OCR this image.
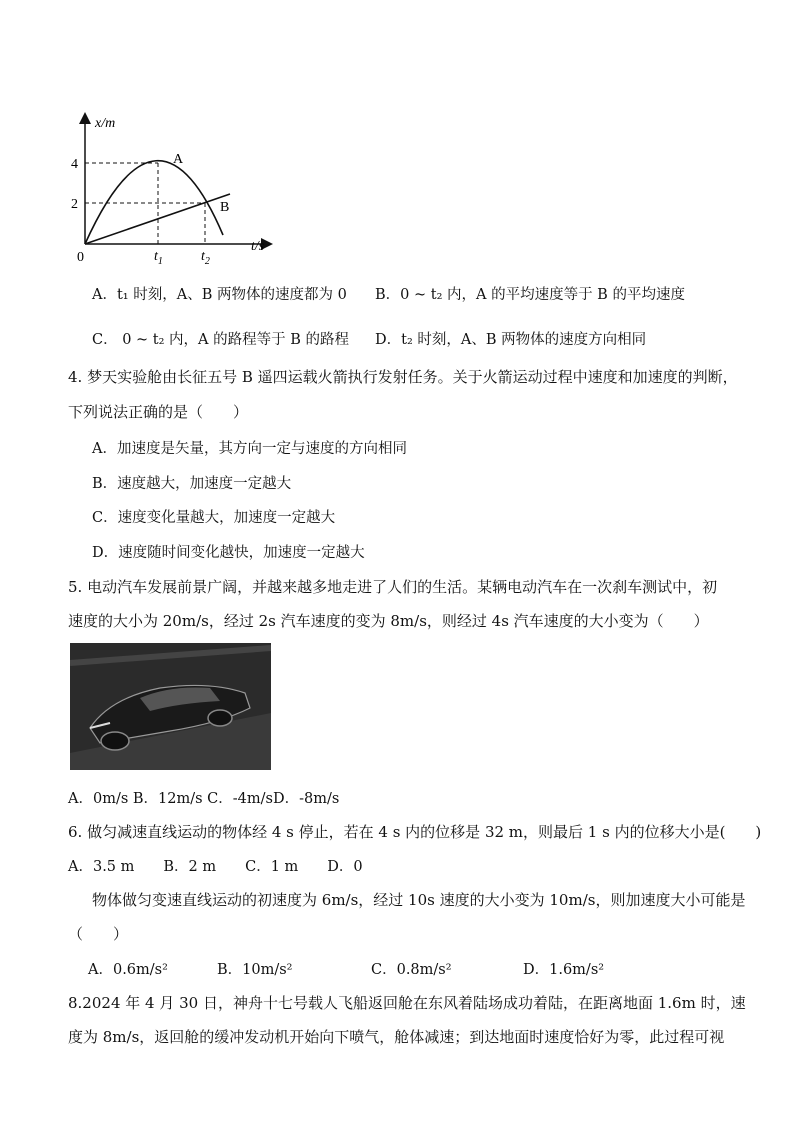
x/m
t/s
0
4
2
$t_1$	$t_2$
A
B
A．t₁ 时刻，A、B 两物体的速度都为 0 B．0 ~ t₂ 内，A 的平均速度等于 B 的平均速度
C． 0 ~ t₂ 内，A 的路程等于 B 的路程 D．t₂ 时刻，A、B 两物体的速度方向相同
4. 梦天实验舱由长征五号 B 遥四运载火箭执行发射任务。关于火箭运动过程中速度和加速度的判断，
下列说法正确的是（　　）
A．加速度是矢量，其方向一定与速度的方向相同
B．速度越大，加速度一定越大
C．速度变化量越大，加速度一定越大
D．速度随时间变化越快，加速度一定越大
5. 电动汽车发展前景广阔，并越来越多地走进了人们的生活。某辆电动汽车在一次刹车测试中，初
速度的大小为 20m/s，经过 2s 汽车速度的变为 8m/s，则经过 4s 汽车速度的大小变为（　　）
A．0m/s B．12m/s C．-4m/sD．-8m/s
6. 做匀减速直线运动的物体经 4 s 停止，若在 4 s 内的位移是 32 m，则最后 1 s 内的位移大小是(　　)
A．3.5 m　　B．2 m　　C．1 m　　D．0
物体做匀变速直线运动的初速度为 6m/s，经过 10s 速度的大小变为 10m/s，则加速度大小可能是
（　　）
A．0.6m/s²	B．10m/s²	C．0.8m/s²	D．1.6m/s²
8.2024 年 4 月 30 日，神舟十七号载人飞船返回舱在东风着陆场成功着陆，在距离地面 1.6m 时，速
度为 8m/s，返回舱的缓冲发动机开始向下喷气，舱体减速；到达地面时速度恰好为零，此过程可视
